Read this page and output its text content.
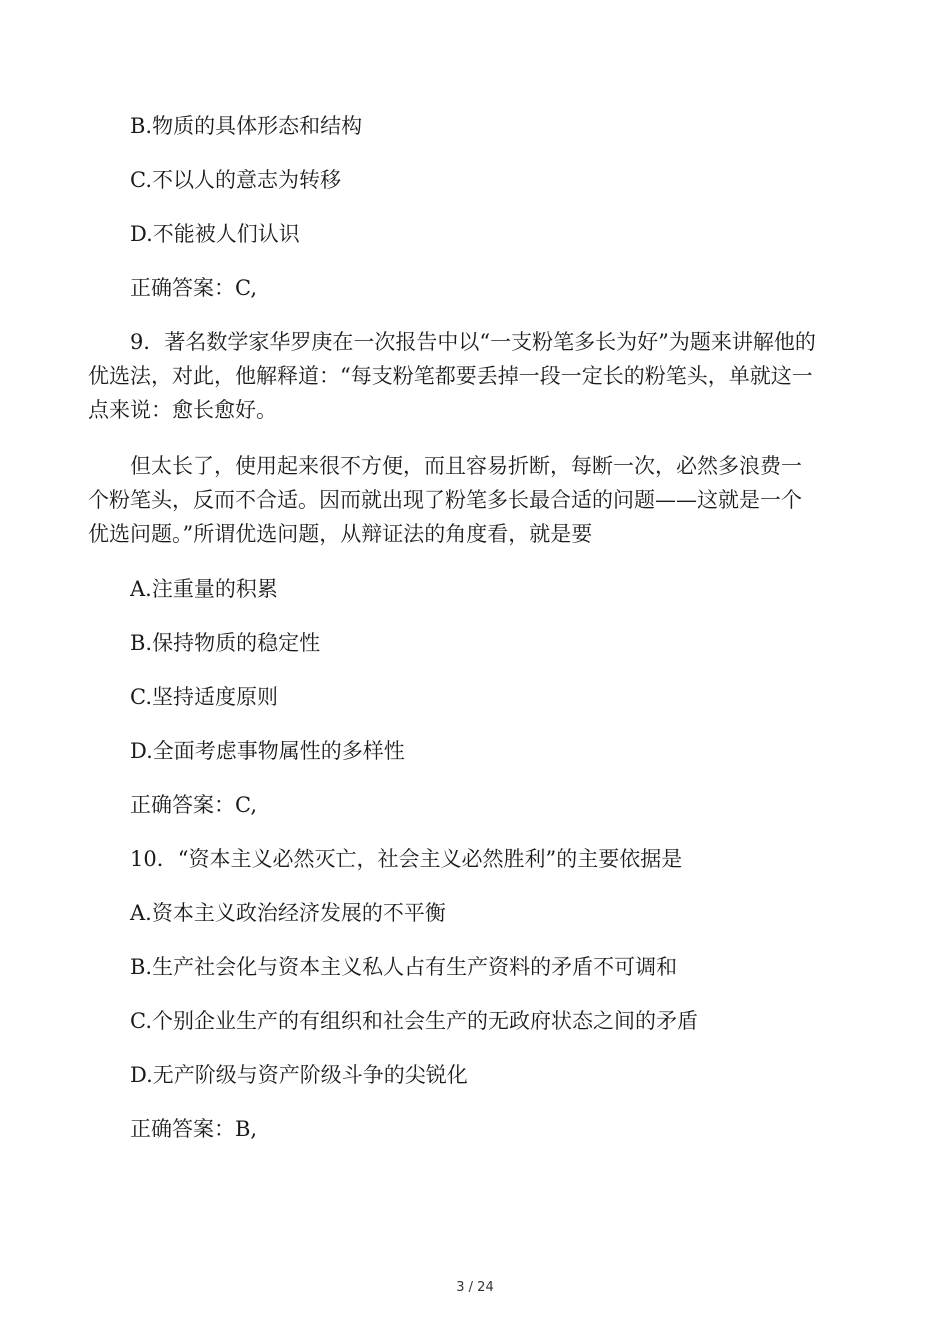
B.物质的具体形态和结构
C.不以人的意志为转移
D.不能被人们认识
正确答案：C,
9．著名数学家华罗庚在一次报告中以“一支粉笔多长为好”为题来讲解他的
优选法，对此，他解释道：“每支粉笔都要丢掉一段一定长的粉笔头，单就这一
点来说：愈长愈好。
但太长了，使用起来很不方便，而且容易折断，每断一次，必然多浪费一
个粉笔头，反而不合适。因而就出现了粉笔多长最合适的问题——这就是一个
优选问题。”所谓优选问题，从辩证法的角度看，就是要
A.注重量的积累
B.保持物质的稳定性
C.坚持适度原则
D.全面考虑事物属性的多样性
正确答案：C,
10．“资本主义必然灭亡，社会主义必然胜利”的主要依据是
A.资本主义政治经济发展的不平衡
B.生产社会化与资本主义私人占有生产资料的矛盾不可调和
C.个别企业生产的有组织和社会生产的无政府状态之间的矛盾
D.无产阶级与资产阶级斗争的尖锐化
正确答案：B,
3 / 24
